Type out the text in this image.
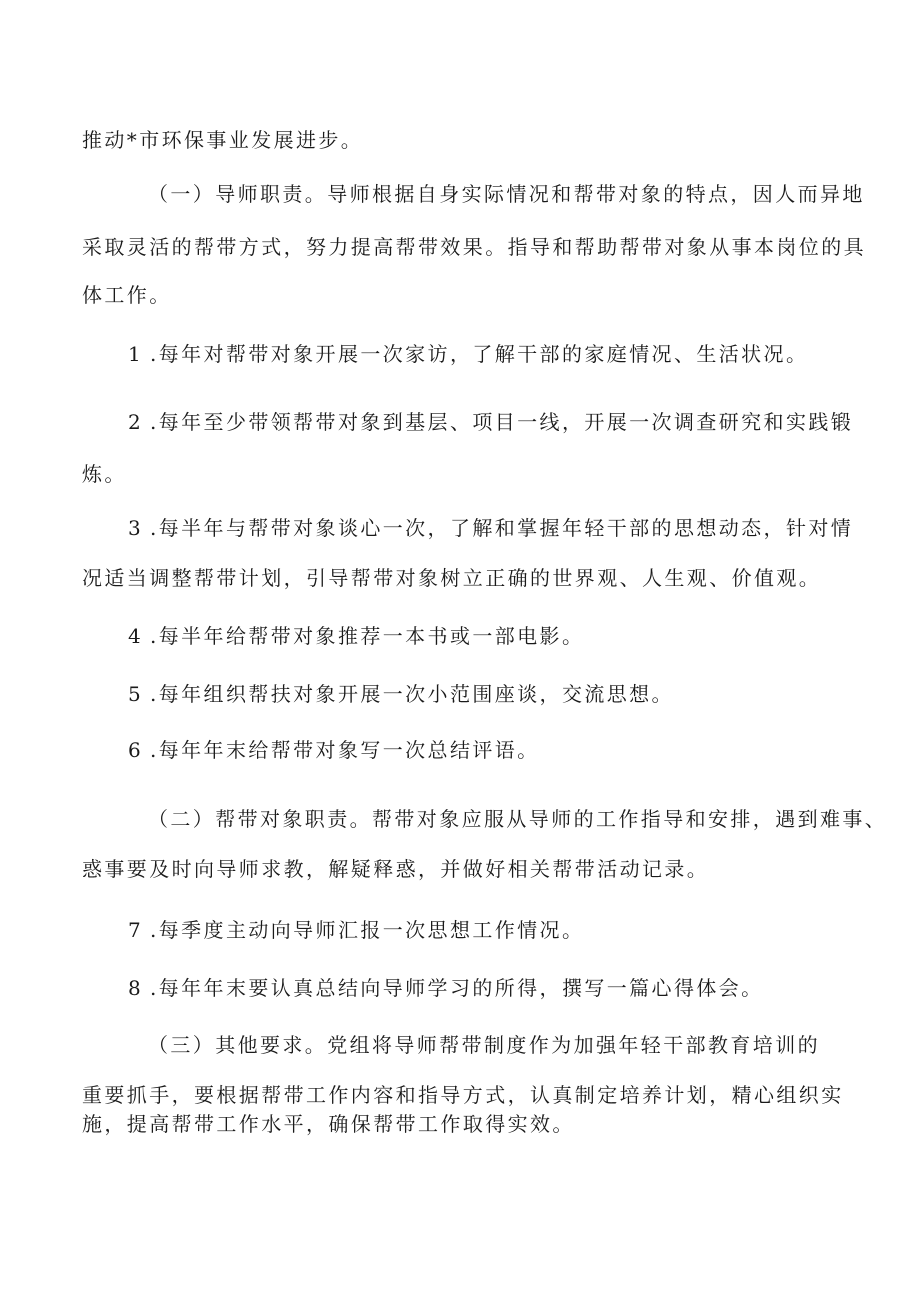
推动*市环保事业发展进步。
（一）导师职责。导师根据自身实际情况和帮带对象的特点，因人而异地
采取灵活的帮带方式，努力提高帮带效果。指导和帮助帮带对象从事本岗位的具
体工作。
1 .每年对帮带对象开展一次家访，了解干部的家庭情况、生活状况。
2 .每年至少带领帮带对象到基层、项目一线，开展一次调查研究和实践锻
炼。
3 .每半年与帮带对象谈心一次，了解和掌握年轻干部的思想动态，针对情
况适当调整帮带计划，引导帮带对象树立正确的世界观、人生观、价值观。
4 .每半年给帮带对象推荐一本书或一部电影。
5 .每年组织帮扶对象开展一次小范围座谈，交流思想。
6 .每年年末给帮带对象写一次总结评语。
（二）帮带对象职责。帮带对象应服从导师的工作指导和安排，遇到难事、
惑事要及时向导师求教，解疑释惑，并做好相关帮带活动记录。
7 .每季度主动向导师汇报一次思想工作情况。
8 .每年年末要认真总结向导师学习的所得，撰写一篇心得体会。
（三）其他要求。党组将导师帮带制度作为加强年轻干部教育培训的
重要抓手，要根据帮带工作内容和指导方式，认真制定培养计划，精心组织实
施，提高帮带工作水平，确保帮带工作取得实效。
